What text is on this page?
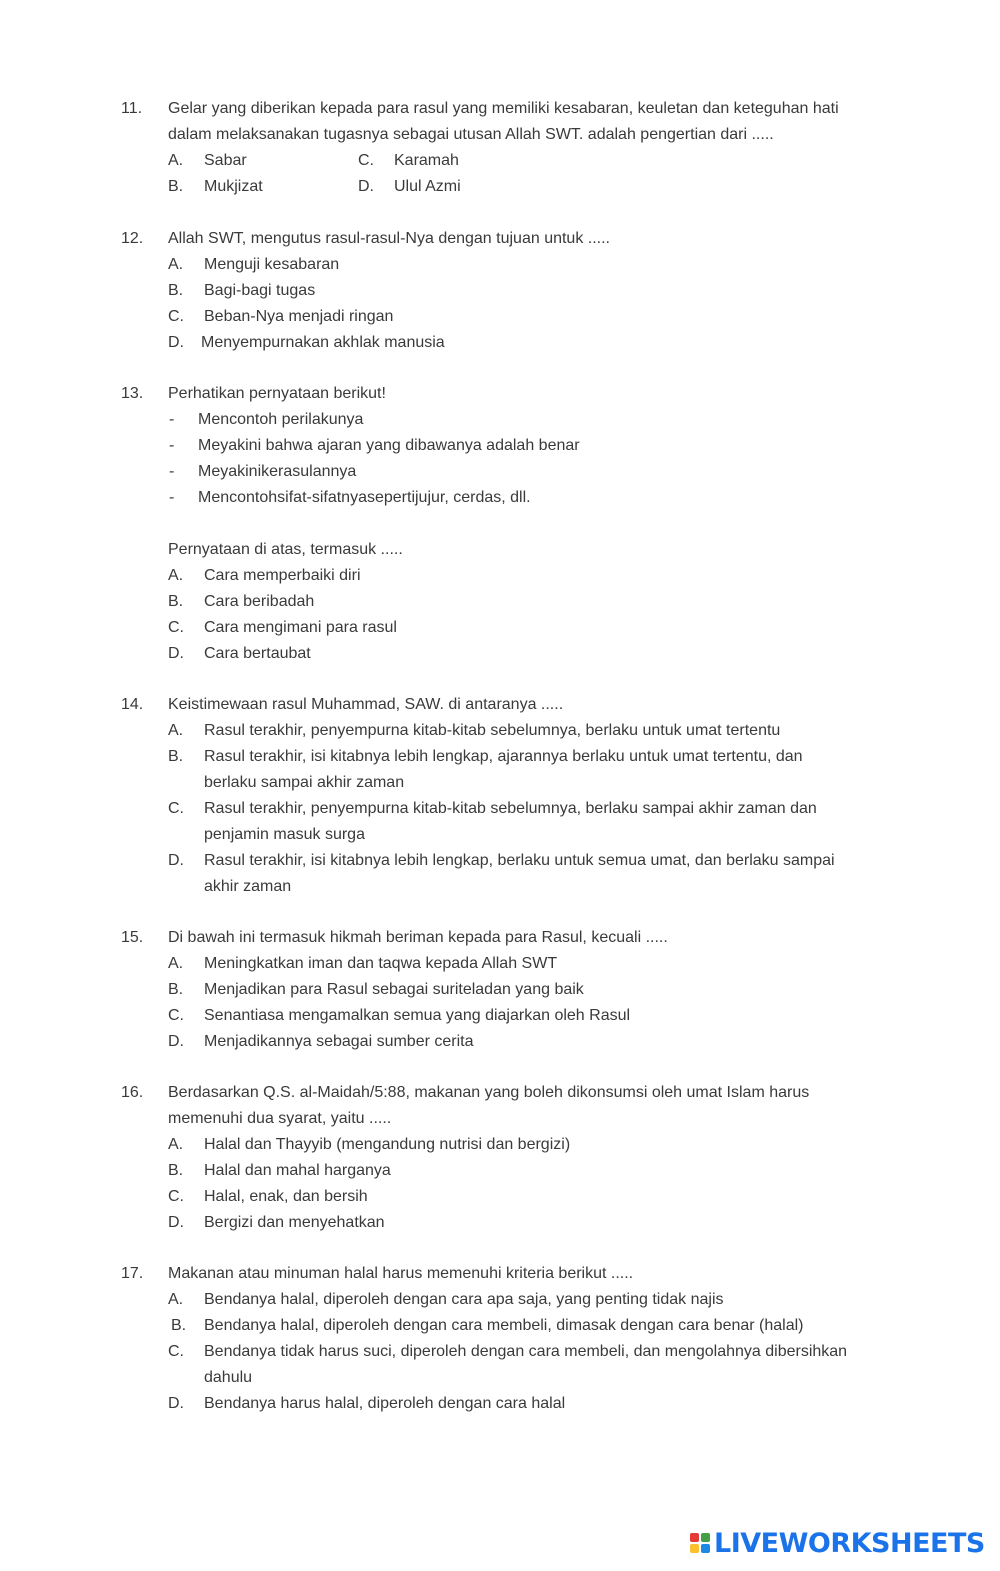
11. Gelar yang diberikan kepada para rasul yang memiliki kesabaran, keuletan dan keteguhan hati
dalam melaksanakan tugasnya sebagai utusan Allah SWT. adalah pengertian dari .....
A. Sabar	C. Karamah
B. Mukjizat	D. Ulul Azmi
12. Allah SWT, mengutus rasul-rasul-Nya dengan tujuan untuk .....
A. Menguji kesabaran
B. Bagi-bagi tugas
C. Beban-Nya menjadi ringan
D. Menyempurnakan akhlak manusia
13. Perhatikan pernyataan berikut!
- Mencontoh perilakunya
- Meyakini bahwa ajaran yang dibawanya adalah benar
- Meyakinikerasulannya
- Mencontohsifat-sifatnyasepertijujur, cerdas, dll.
Pernyataan di atas, termasuk .....
A. Cara memperbaiki diri
B. Cara beribadah
C. Cara mengimani para rasul
D. Cara bertaubat
14. Keistimewaan rasul Muhammad, SAW. di antaranya .....
A. Rasul terakhir, penyempurna kitab-kitab sebelumnya, berlaku untuk umat tertentu
B. Rasul terakhir, isi kitabnya lebih lengkap, ajarannya berlaku untuk umat tertentu, dan
berlaku sampai akhir zaman
C. Rasul terakhir, penyempurna kitab-kitab sebelumnya, berlaku sampai akhir zaman dan
penjamin masuk surga
D. Rasul terakhir, isi kitabnya lebih lengkap, berlaku untuk semua umat, dan berlaku sampai
akhir zaman
15. Di bawah ini termasuk hikmah beriman kepada para Rasul, kecuali .....
A. Meningkatkan iman dan taqwa kepada Allah SWT
B. Menjadikan para Rasul sebagai suriteladan yang baik
C. Senantiasa mengamalkan semua yang diajarkan oleh Rasul
D. Menjadikannya sebagai sumber cerita
16. Berdasarkan Q.S. al-Maidah/5:88, makanan yang boleh dikonsumsi oleh umat Islam harus
memenuhi dua syarat, yaitu .....
A. Halal dan Thayyib (mengandung nutrisi dan bergizi)
B. Halal dan mahal harganya
C. Halal, enak, dan bersih
D. Bergizi dan menyehatkan
17. Makanan atau minuman halal harus memenuhi kriteria berikut .....
A. Bendanya halal, diperoleh dengan cara apa saja, yang penting tidak najis
B. Bendanya halal, diperoleh dengan cara membeli, dimasak dengan cara benar (halal)
C. Bendanya tidak harus suci, diperoleh dengan cara membeli, dan mengolahnya dibersihkan
dahulu
D. Bendanya harus halal, diperoleh dengan cara halal
LIVEWORKSHEETS
